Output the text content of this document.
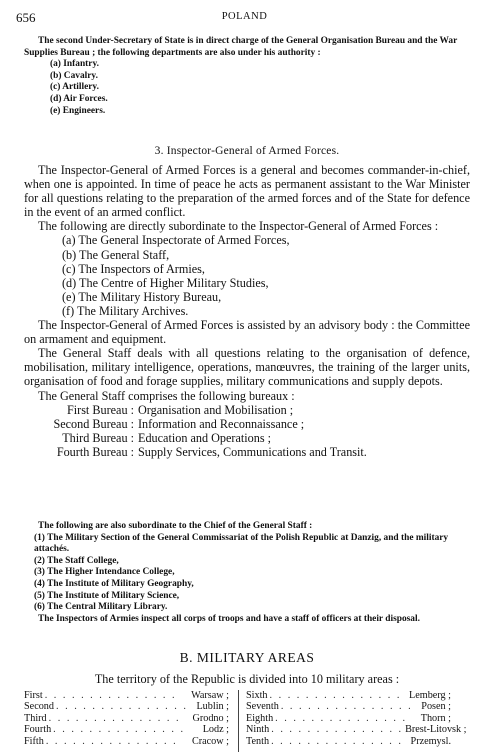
656	POLAND

The second Under-Secretary of State is in direct charge of the General Organisation Bureau and the War Supplies Bureau ; the following departments are also under his authority :

(a) Infantry.
(b) Cavalry.
(c) Artillery.
(d) Air Forces.
(e) Engineers.
3. Inspector-General of Armed Forces.

The Inspector-General of Armed Forces is a general and becomes commander-in-chief, when one is appointed. In time of peace he acts as permanent assistant to the War Minister for all questions relating to the preparation of the armed forces and of the State for defence in the event of an armed conflict.

The following are directly subordinate to the Inspector-General of Armed Forces :

(a) The General Inspectorate of Armed Forces,
(b) The General Staff,
(c) The Inspectors of Armies,
(d) The Centre of Higher Military Studies,
(e) The Military History Bureau,
(f) The Military Archives.

The Inspector-General of Armed Forces is assisted by an advisory body : the Committee on armament and equipment.

The General Staff deals with all questions relating to the organisation of defence, mobilisation, military intelligence, operations, manœuvres, the training of the larger units, organisation of food and forage supplies, military communications and supply depots.

The General Staff comprises the following bureaux :

First Bureau : Organisation and Mobilisation ;
Second Bureau : Information and Reconnaissance ;
Third Bureau : Education and Operations ;
Fourth Bureau : Supply Services, Communications and Transit.

The following are also subordinate to the Chief of the General Staff :

(1) The Military Section of the General Commissariat of the Polish Republic at Danzig, and the military attachés.
(2) The Staff College,
(3) The Higher Intendance College,
(4) The Institute of Military Geography,
(5) The Institute of Military Science,
(6) The Central Military Library.

The Inspectors of Armies inspect all corps of troops and have a staff of officers at their disposal.

B. MILITARY AREAS
The territory of the Republic is divided into 10 military areas :
First . . . . . . . . . . . . . . .	Warsaw ;
Second . . . . . . . . . . . . . . . Lublin ;
Third . . . . . . . . . . . . . . .	Grodno ;
Fourth . . . . . . . . . . . . . . .	Lodz ;
Fifth . . . . . . . . . . . . . . .	Cracow ;
Sixth . . . . . . . . . . . . . . . Lemberg ;
Seventh . . . . . . . . . . . . . . . Posen ;
Eighth . . . . . . . . . . . . . . .	Thorn ;
Ninth . . . . . . . . . . . . . . . Brest-Litovsk ;
Tenth . . . . . . . . . . . . . . . Przemysl.
